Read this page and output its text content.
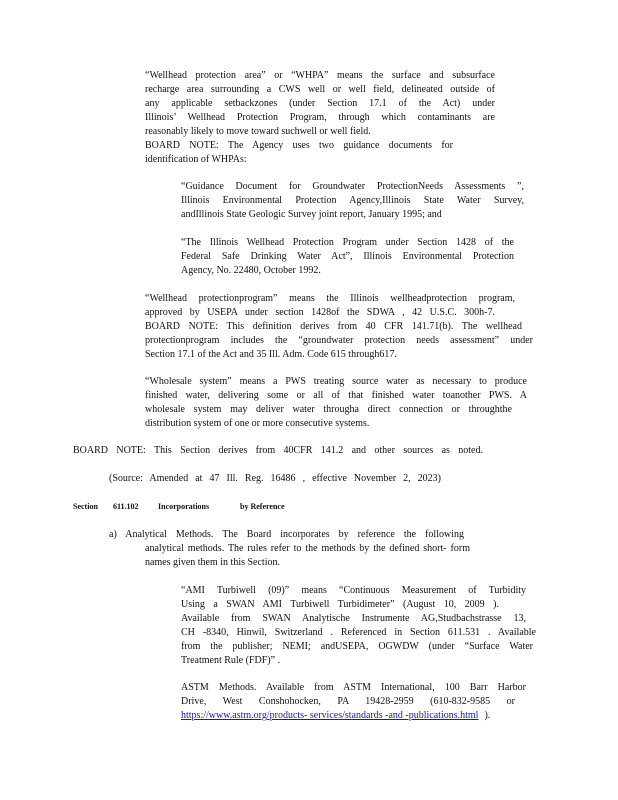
“Wellhead protection area” or “WHPA” means the surface and subsurface
recharge area surrounding a CWS well or well field, delineated outside of
any applicable setbackzones (under Section 17.1 of the Act) under
Illinois’ Wellhead Protection Program, through which contaminants are
reasonably likely to move toward suchwell or well field.
BOARD NOTE: The Agency uses two guidance documents for
identification of WHPAs:
“Guidance Document for Groundwater ProtectionNeeds Assessments ”,
Illinois Environmental Protection Agency,Illinois State Water Survey,
andIllinois State Geologic Survey joint report, January 1995; and
“The Illinois Wellhead Protection Program under Section 1428 of the
Federal Safe Drinking Water Act”, Illinois Environmental Protection
Agency, No. 22480, October 1992.
“Wellhead protectionprogram” means the Illinois wellheadprotection program,
approved by USEPA under section 1428of the SDWA , 42 U.S.C. 300h-7.
BOARD NOTE: This definition derives from 40 CFR 141.71(b). The wellhead
protectionprogram includes the “groundwater protection needs assessment” under
Section 17.1 of the Act and 35 Ill. Adm. Code 615 through617.
“Wholesale system” means a PWS treating source water as necessary to produce
finished water, delivering some or all of that finished water toanother PWS. A
wholesale system may deliver water througha direct connection or throughthe
distribution system of one or more consecutive systems.
BOARD NOTE: This Section derives from 40CFR 141.2 and other sources as noted.
(Source: Amended at 47 Ill. Reg. 16486 , effective November 2, 2023)
Section 611.102 Incorporations	by Reference
a) Analytical Methods. The Board incorporates by reference the following
analytical methods. The rules refer to the methods by the defined short- form
names given them in this Section.
“AMI Turbiwell (09)” means “Continuous Measurement of Turbidity
Using a SWAN AMI Turbiwell Turbidimeter” (August 10, 2009 ).
Available from SWAN Analytische Instrumente AG,Studbachstrasse 13,
CH -8340, Hinwil, Switzerland . Referenced in Section 611.531 . Available
from the publisher; NEMI; andUSEPA, OGWDW (under “Surface Water
Treatment Rule (FDF)” .
ASTM Methods. Available from ASTM International, 100 Barr Harbor
Drive, West Conshohocken, PA 19428-2959 (610-832-9585 or
https://www.astm.org/products- services/standards -and -publications.html ).
